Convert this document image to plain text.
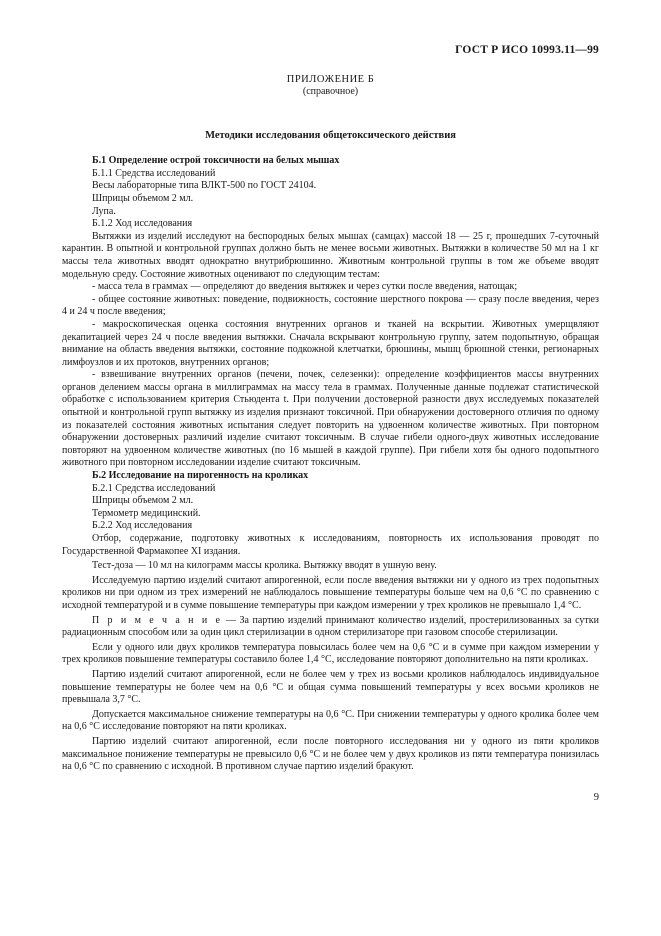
ГОСТ Р ИСО 10993.11—99
ПРИЛОЖЕНИЕ Б
(справочное)
Методики исследования общетоксического действия

Б.1 Определение острой токсичности на белых мышах

Б.1.1 Средства исследований

Весы лабораторные типа ВЛКТ-500 по ГОСТ 24104.

Шприцы объемом 2 мл.

Лупа.

Б.1.2 Ход исследования

Вытяжки из изделий исследуют на беспородных белых мышах (самцах) массой 18 — 25 г, прошедших 7-суточный карантин. В опытной и контрольной группах должно быть не менее восьми животных. Вытяжки в количестве 50 мл на 1 кг массы тела животных вводят однократно внутрибрюшинно. Животным контрольной группы в том же объеме вводят модельную среду. Состояние животных оценивают по следующим тестам:

- масса тела в граммах — определяют до введения вытяжек и через сутки после введения, натощак;

- общее состояние животных: поведение, подвижность, состояние шерстного покрова — сразу после введения, через 4 и 24 ч после введения;

- макроскопическая оценка состояния внутренних органов и тканей на вскрытии. Животных умерщвляют декапитацией через 24 ч после введения вытяжки. Сначала вскрывают контрольную группу, затем подопытную, обращая внимание на область введения вытяжки, состояние подкожной клетчатки, брюшины, мышц брюшной стенки, регионарных лимфоузлов и их протоков, внутренних органов;

- взвешивание внутренних органов (печени, почек, селезенки): определение коэффициентов массы внутренних органов делением массы органа в миллиграммах на массу тела в граммах. Полученные данные подлежат статистической обработке с использованием критерия Стьюдента t. При получении достоверной разности двух исследуемых показателей опытной и контрольной групп вытяжку из изделия признают токсичной. При обнаружении достоверного отличия по одному из показателей состояния животных испытания следует повторить на удвоенном количестве животных. При повторном обнаружении достоверных различий изделие считают токсичным. В случае гибели одного-двух животных исследование повторяют на удвоенном количестве животных (по 16 мышей в каждой группе). При гибели хотя бы одного подопытного животного при повторном исследовании изделие считают токсичным.

Б.2 Исследование на пирогенность на кроликах

Б.2.1 Средства исследований

Шприцы объемом 2 мл.

Термометр медицинский.

Б.2.2 Ход исследования

Отбор, содержание, подготовку животных к исследованиям, повторность их использования проводят по Государственной Фармакопее XI издания.

Тест-доза — 10 мл на килограмм массы кролика. Вытяжку вводят в ушную вену.

Исследуемую партию изделий считают апирогенной, если после введения вытяжки ни у одного из трех подопытных кроликов ни при одном из трех измерений не наблюдалось повышение температуры больше чем на 0,6 °С по сравнению с исходной температурой и в сумме повышение температуры при каждом измерении у трех кроликов не превышало 1,4 °С.

П р и м е ч а н и е — За партию изделий принимают количество изделий, простерилизованных за сутки радиационным способом или за один цикл стерилизации в одном стерилизаторе при газовом способе стерилизации.

Если у одного или двух кроликов температура повысилась более чем на 0,6 °С и в сумме при каждом измерении у трех кроликов повышение температуры составило более 1,4 °С, исследование повторяют дополнительно на пяти кроликах.

Партию изделий считают апирогенной, если не более чем у трех из восьми кроликов наблюдалось индивидуальное повышение температуры не более чем на 0,6 °С и общая сумма повышений температуры у всех восьми кроликов не превышала 3,7 °С.

Допускается максимальное снижение температуры на 0,6 °С. При снижении температуры у одного кролика более чем на 0,6 °С исследование повторяют на пяти кроликах.

Партию изделий считают апирогенной, если после повторного исследования ни у одного из пяти кроликов максимальное понижение температуры не превысило 0,6 °С и не более чем у двух кроликов из пяти температура понизилась на 0,6 °С по сравнению с исходной. В противном случае партию изделий бракуют.

9
